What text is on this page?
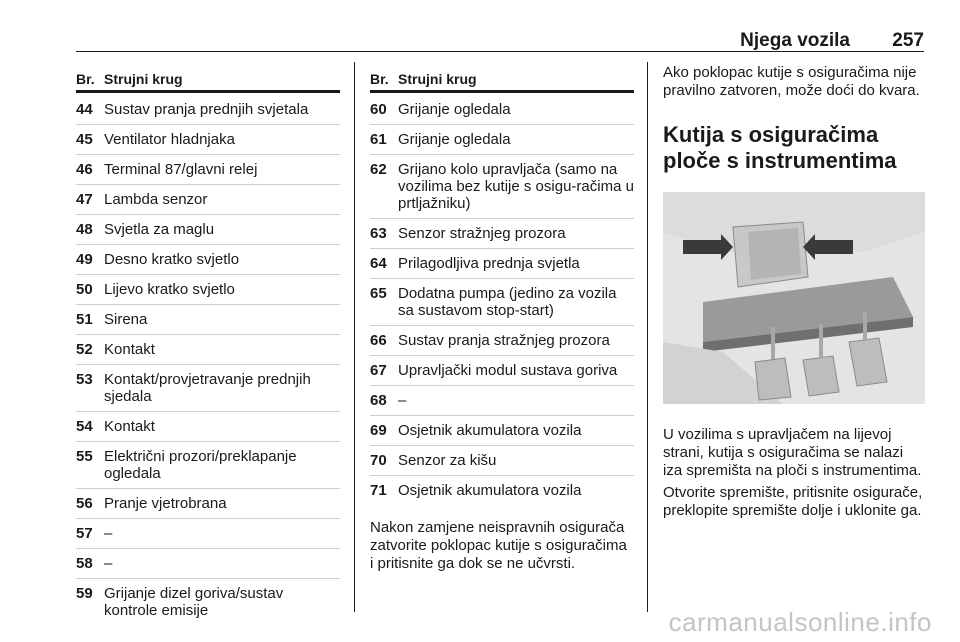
Njega vozila 257
Br. Strujni krug
44 Sustav pranja prednjih svjetala
45 Ventilator hladnjaka
46 Terminal 87/glavni relej
47 Lambda senzor
48 Svjetla za maglu
49 Desno kratko svjetlo
50 Lijevo kratko svjetlo
51 Sirena
52 Kontakt
53 Kontakt/provjetravanje prednjih sjedala
54 Kontakt
55 Električni prozori/preklapanje ogledala
56 Pranje vjetrobrana
57 –
58 –
59 Grijanje dizel goriva/sustav kontrole emisije
Br. Strujni krug
60 Grijanje ogledala
61 Grijanje ogledala
62 Grijano kolo upravljača (samo na vozilima bez kutije s osigu-račima u prtljažniku)
63 Senzor stražnjeg prozora
64 Prilagodljiva prednja svjetla
65 Dodatna pumpa (jedino za vozila sa sustavom stop-start)
66 Sustav pranja stražnjeg prozora
67 Upravljački modul sustava goriva
68 –
69 Osjetnik akumulatora vozila
70 Senzor za kišu
71 Osjetnik akumulatora vozila
Nakon zamjene neispravnih osigurača zatvorite poklopac kutije s osiguračima i pritisnite ga dok se ne učvrsti.

Ako poklopac kutije s osiguračima nije pravilno zatvoren, može doći do kvara.

Kutija s osiguračima ploče s instrumentima

U vozilima s upravljačem na lijevoj strani, kutija s osiguračima se nalazi iza spremišta na ploči s instrumentima.

Otvorite spremište, pritisnite osigurače, preklopite spremište dolje i uklonite ga.

carmanualsonline.info
